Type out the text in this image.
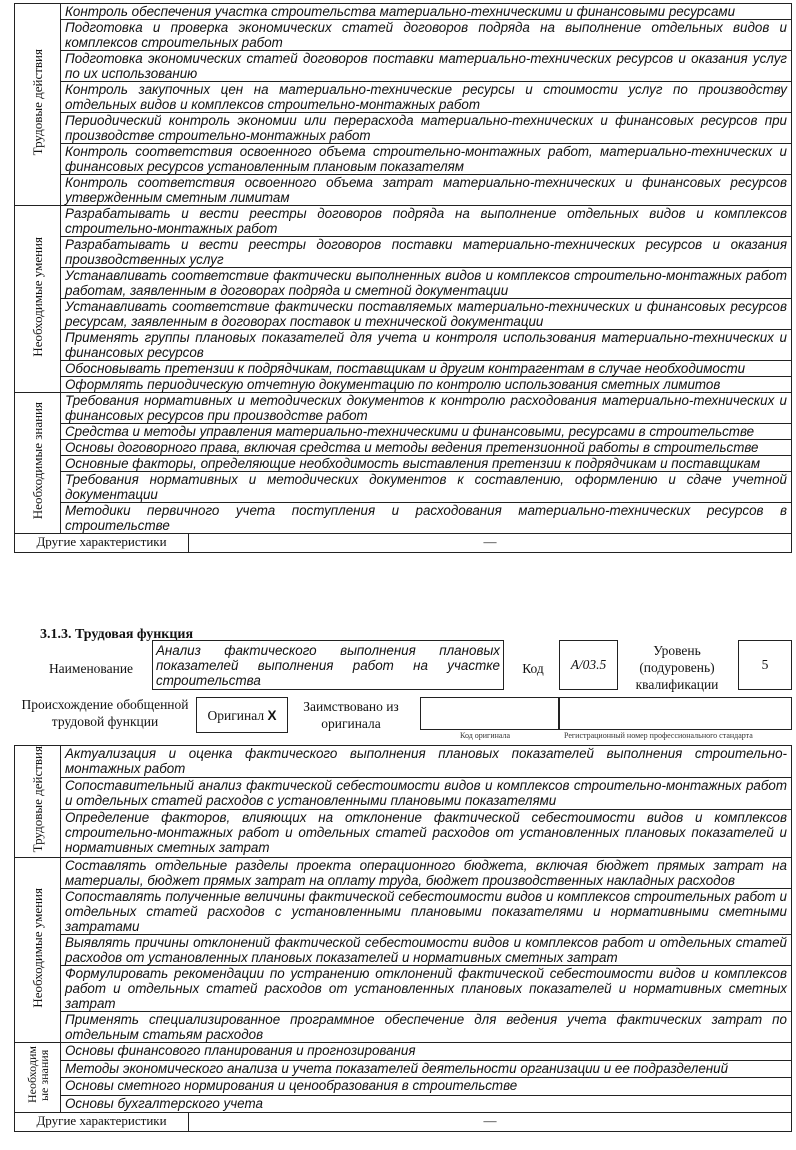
Трудовые действия	Контроль обеспечения участка строительства материально-техническими и финансовыми ресурсами	
	Подготовка и проверка экономических статей договоров подряда на выполнение отдельных видов и комплексов строительных работ	
	Подготовка экономических статей договоров поставки материально-технических ресурсов и оказания услуг по их использованию	
	Контроль закупочных цен на материально-технические ресурсы и стоимости услуг по производству отдельных видов и комплексов строительно-монтажных работ	
	Периодический контроль экономии или перерасхода материально-технических и финансовых ресурсов при производстве строительно-монтажных работ	
	Контроль соответствия освоенного объема строительно-монтажных работ, материально-технических и финансовых ресурсов установленным плановым показателям	
	Контроль соответствия освоенного объема затрат материально-технических и финансовых ресурсов утвержденным сметным лимитам	
Необходимые умения	Разрабатывать и вести реестры договоров подряда на выполнение отдельных видов и комплексов строительно-монтажных работ	
	Разрабатывать и вести реестры договоров поставки материально-технических ресурсов и оказания производственных услуг	
	Устанавливать соответствие фактически выполненных видов и комплексов строительно-монтажных работ работам, заявленным в договорах подряда и сметной документации	
	Устанавливать соответствие фактически поставляемых материально-технических и финансовых ресурсов ресурсам, заявленным в договорах поставок и технической документации	
	Применять группы плановых показателей для учета и контроля использования материально-технических и финансовых ресурсов	
	Обосновывать претензии к подрядчикам, поставщикам и другим контрагентам в случае необходимости	
	Оформлять периодическую отчетную документацию по контролю использования сметных лимитов	
Необходимые знания	Требования нормативных и методических документов к контролю расходования материально-технических и финансовых ресурсов при производстве работ	
	Средства и методы управления материально-техническими и финансовыми, ресурсами в строительстве	
	Основы договорного права, включая средства и методы ведения претензионной работы в строительстве	
	Основные факторы, определяющие необходимость выставления претензии к подрядчикам и поставщикам	
	Требования нормативных и методических документов к составлению, оформлению и сдаче учетной документации	
	Методики первичного учета поступления и расходования материально-технических ресурсов в строительстве	
Другие характеристики		—
3.1.3. Трудовая функция
Наименование
Анализ фактического выполнения плановых показателей выполнения работ на участке строительства
Код	A/03.5
Уровень (подуровень) квалификации
5
Происхождение обобщенной трудовой функции	Оригинал X
Заимствовано из оригинала
Код оригинала	Регистрационный номер профессионального стандарта
Трудовые действия	Актуализация и оценка фактического выполнения плановых показателей выполнения строительно-монтажных работ	
	Сопоставительный анализ фактической себестоимости видов и комплексов строительно-монтажных работ и отдельных статей расходов с установленными плановыми показателями	
	Определение факторов, влияющих на отклонение фактической себестоимости видов и комплексов строительно-монтажных работ и отдельных статей расходов от установленных плановых показателей и нормативных сметных затрат	
Необходимые умения	Составлять отдельные разделы проекта операционного бюджета, включая бюджет прямых затрат на материалы, бюджет прямых затрат на оплату труда, бюджет производственных накладных расходов	
	Сопоставлять полученные величины фактической себестоимости видов и комплексов строительных работ и отдельных статей расходов с установленными плановыми показателями и нормативными сметными затратами	
	Выявлять причины отклонений фактической себестоимости видов и комплексов работ и отдельных статей расходов от установленных плановых показателей и нормативных сметных затрат	
	Формулировать рекомендации по устранению отклонений фактической себестоимости видов и комплексов работ и отдельных статей расходов от установленных плановых показателей и нормативных сметных затрат	
	Применять специализированное программное обеспечение для ведения учета фактических затрат по отдельным статьям расходов	
Необходимые знания	Основы финансового планирования и прогнозирования	
	Методы экономического анализа и учета показателей деятельности организации и ее подразделений	
	Основы сметного нормирования и ценообразования в строительстве	
	Основы бухгалтерского учета	
Другие характеристики		—
